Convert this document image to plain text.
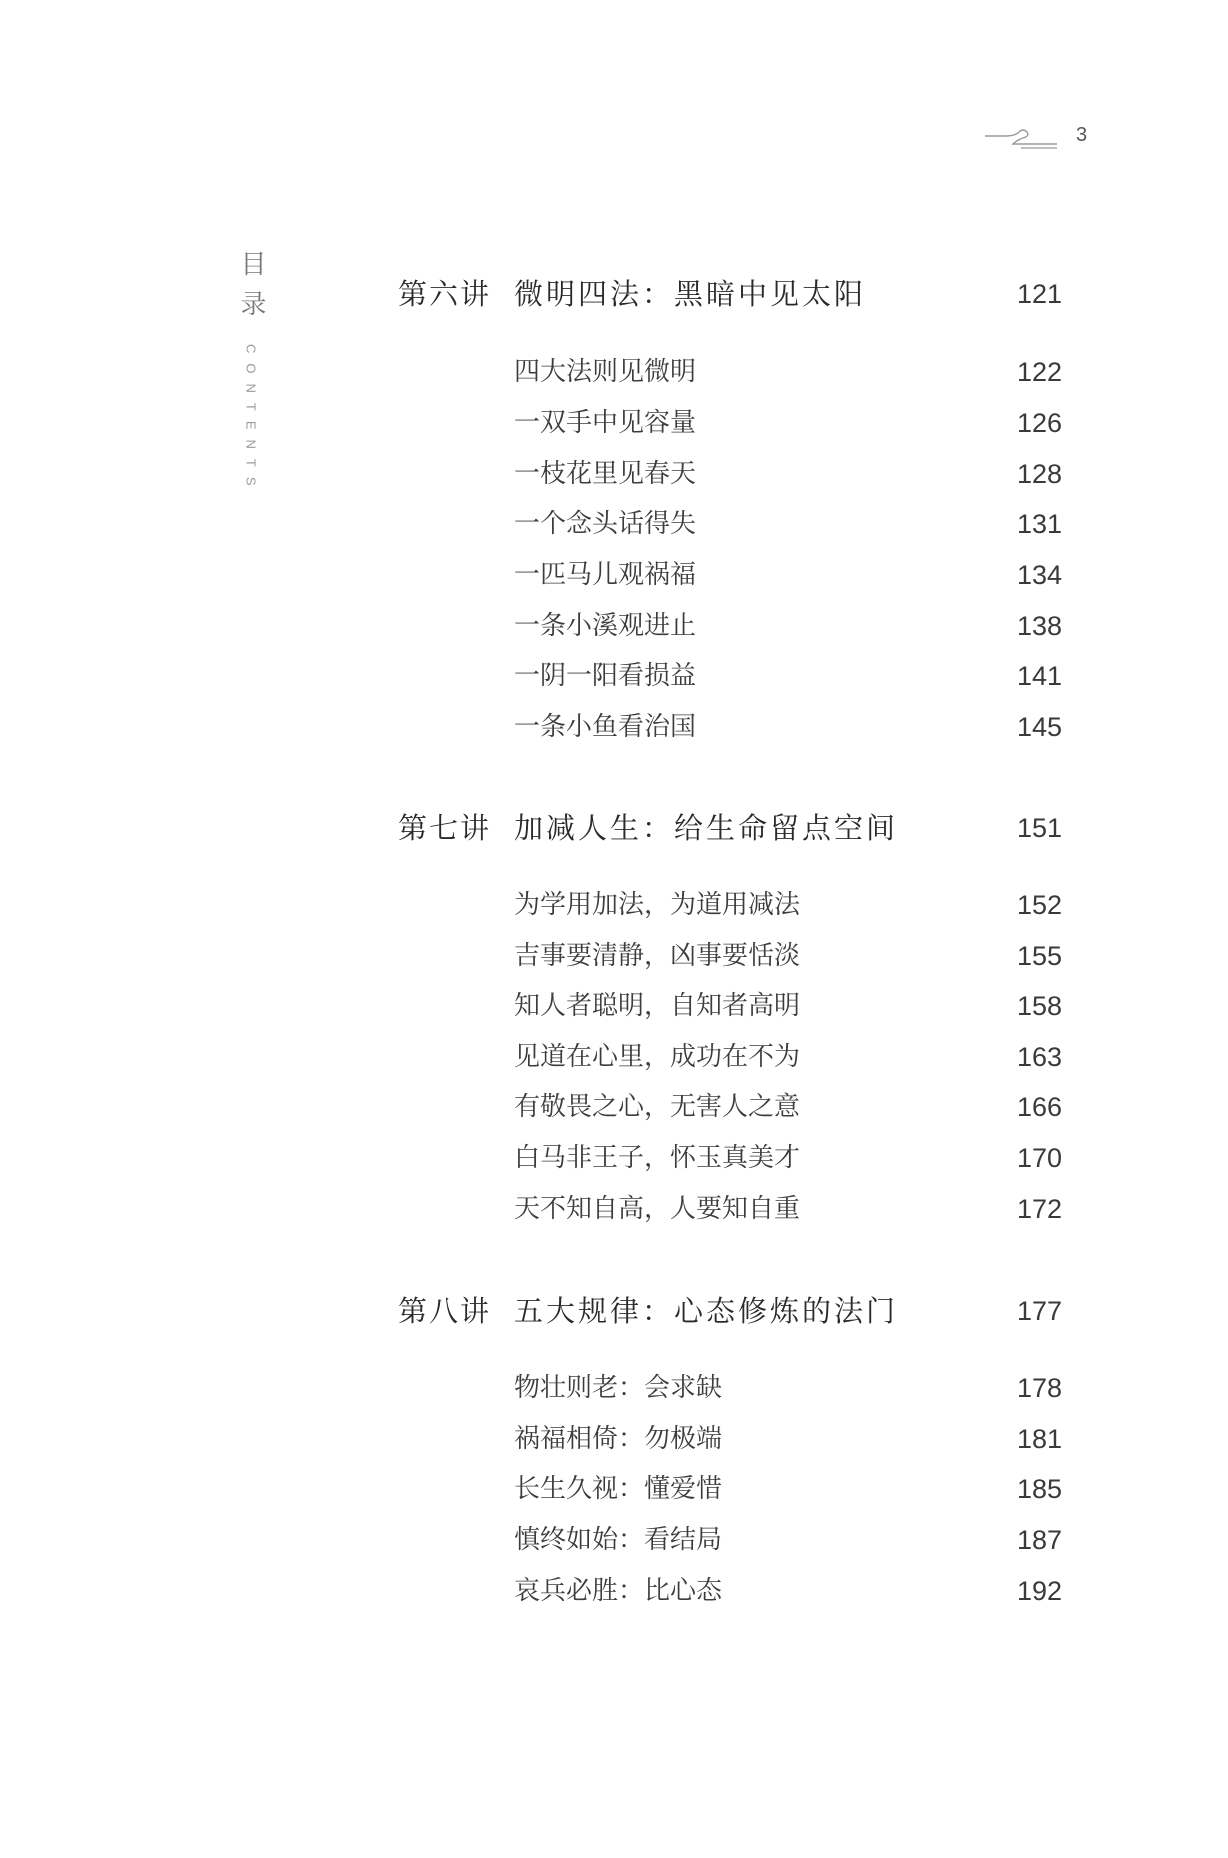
3
目录
CONTENTS
第六讲 微明四法：黑暗中见太阳	121
四大法则见微明	122
一双手中见容量	126
一枝花里见春天	128
一个念头话得失	131
一匹马儿观祸福	134
一条小溪观进止	138
一阴一阳看损益	141
一条小鱼看治国	145
第七讲 加减人生：给生命留点空间	151
为学用加法，为道用减法	152
吉事要清静，凶事要恬淡	155
知人者聪明，自知者高明	158
见道在心里，成功在不为	163
有敬畏之心，无害人之意	166
白马非王子，怀玉真美才	170
天不知自高，人要知自重	172
第八讲 五大规律：心态修炼的法门	177
物壮则老：会求缺	178
祸福相倚：勿极端	181
长生久视：懂爱惜	185
慎终如始：看结局	187
哀兵必胜：比心态	192
